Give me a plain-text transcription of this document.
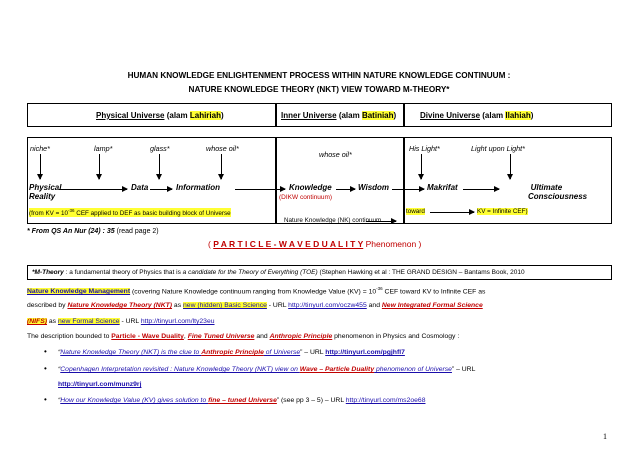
HUMAN KNOWLEDGE ENLIGHTENMENT PROCESS WITHIN NATURE KNOWLEDGE CONTINUUM :
NATURE KNOWLEDGE THEORY (NKT) VIEW TOWARD M-THEORY*
Physical Universe (alam Lahiriah)	Inner Universe (alam Batiniah)	Divine Universe (alam Ilahiah)
niche*	lamp*	glass*	whose oil*
whose oil*
His Light*	Light upon Light*
Physical
Reality
Data	Information	Knowledge
(DIKW continuum)
Wisdom	Makrifat	Ultimate
Consciousness
(from KV = $10^{-36}$ CEF applied to DEF as basic building block of Universe
Nature Knowledge (NK) continuum
toward	KV = Infinite CEF)
* From QS An Nur (24) : 35 (read page 2)
( P A R T I C L E - W A V E D U A L I T Y Phenomenon )
*M-Theory : a fundamental theory of Physics that is a candidate for the Theory of Everything (TOE) (Stephen Hawking et al : THE GRAND DESIGN – Bantams Book, 2010
Nature Knowledge Management (covering Nature Knowledge continuum ranging from Knowledge Value $(KV) = 10^{-36}$ CEF toward KV to Infinite CEF as
described by Nature Knowledge Theory (NKT) as new (hidden) Basic Science - URL http://tinyurl.com/oczw455 and New Integrated Formal Science
(NIFS) as new Formal Science - URL http://tinyurl.com/lty23eu
The description bounded to Particle - Wave Duality, Fine Tuned Universe and Anthropic Principle phenomenon in Physics and Cosmology :
• “Nature Knowledge Theory (NKT) is the clue to Anthropic Principle of Universe” – URL http://tinyurl.com/pgjhfl7
• “Copenhagen Interpretation revisited : Nature Knowledge Theory (NKT) view on Wave – Particle Duality phenomenon of Universe” – URL
http://tinyurl.com/munz9rj
• “How our Knowledge Value (KV) gives solution to fine – tuned Universe” (see pp 3 – 5) – URL http://tinyurl.com/ms2oe68
1
